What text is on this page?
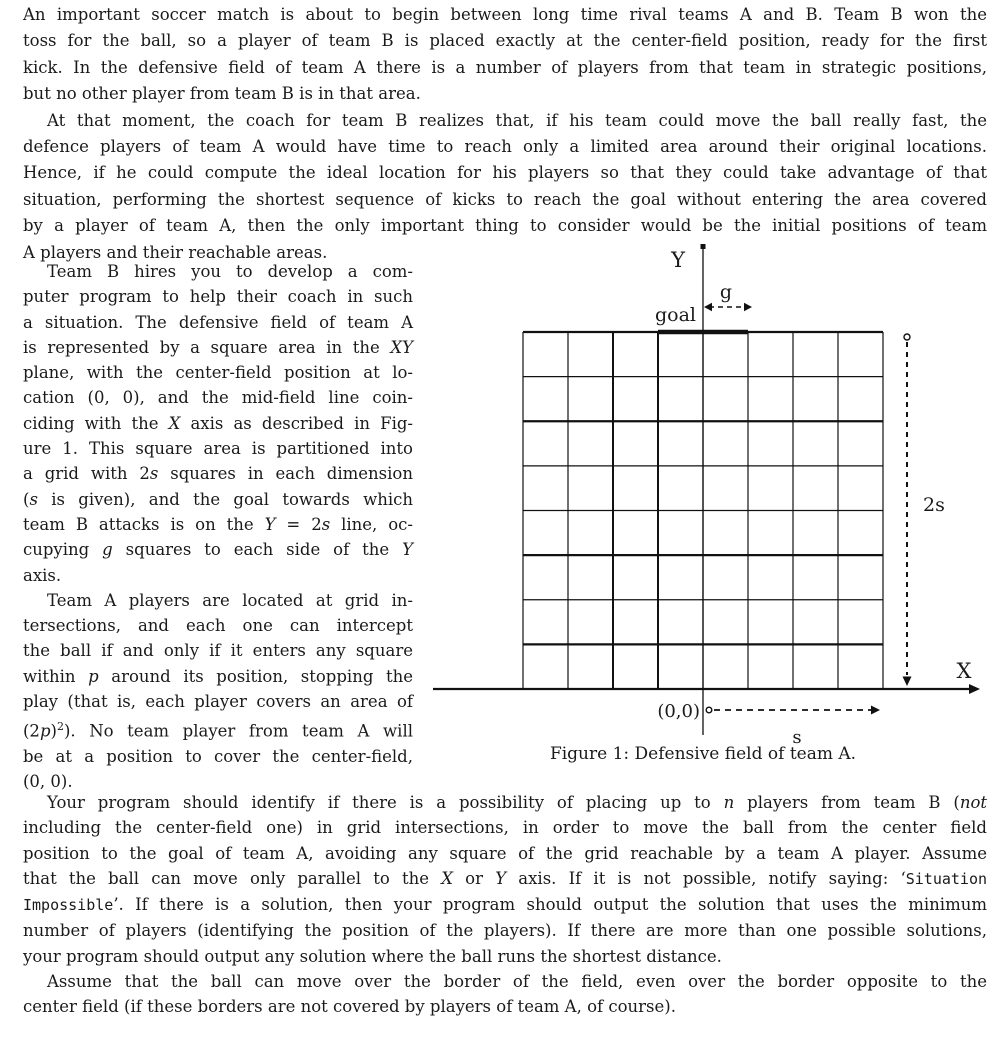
An important soccer match is about to begin between long time rival teams A and B. Team B won the
toss for the ball, so a player of team B is placed exactly at the center-field position, ready for the first
kick. In the defensive field of team A there is a number of players from that team in strategic positions,
but no other player from team B is in that area.
At that moment, the coach for team B realizes that, if his team could move the ball really fast, the
defence players of team A would have time to reach only a limited area around their original locations.
Hence, if he could compute the ideal location for his players so that they could take advantage of that
situation, performing the shortest sequence of kicks to reach the goal without entering the area covered
by a player of team A, then the only important thing to consider would be the initial positions of team
A players and their reachable areas.
Team B hires you to develop a com-
puter program to help their coach in such
a situation. The defensive field of team A
is represented by a square area in the XY
plane, with the center-field position at lo-
cation (0, 0), and the mid-field line coin-
ciding with the X axis as described in Fig-
ure 1. This square area is partitioned into
a grid with 2s squares in each dimension
(s is given), and the goal towards which
team B attacks is on the Y = 2s line, oc-
cupying g squares to each side of the Y
axis.
Team A players are located at grid in-
tersections, and each one can intercept
the ball if and only if it enters any square
within p around its position, stopping the
play (that is, each player covers an area of
$(2p)^2$). No team player from team A will
be at a position to cover the center-field,
(0, 0).
Your program should identify if there is a possibility of placing up to n players from team B (not
including the center-field one) in grid intersections, in order to move the ball from the center field
position to the goal of team A, avoiding any square of the grid reachable by a team A player. Assume
that the ball can move only parallel to the X or Y axis. If it is not possible, notify saying: ‘Situation
Impossible’. If there is a solution, then your program should output the solution that uses the minimum
number of players (identifying the position of the players). If there are more than one possible solutions,
your program should output any solution where the ball runs the shortest distance.
Assume that the ball can move over the border of the field, even over the border opposite to the
center field (if these borders are not covered by players of team A, of course).
Y
g
goal
2s
X
(0,0)
s
Figure 1: Defensive field of team A.
